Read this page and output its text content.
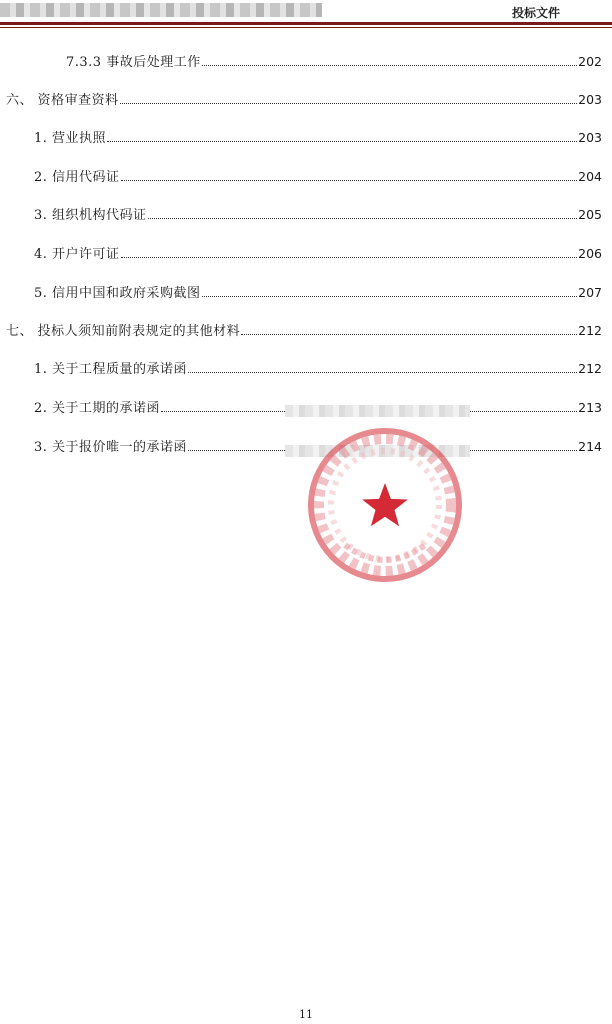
投标文件
7.3.3 事故后处理工作	202
六、 资格审查资料	203
1. 营业执照	203
2. 信用代码证	204
3. 组织机构代码证	205
4. 开户许可证	206
5. 信用中国和政府采购截图	207
七、 投标人须知前附表规定的其他材料	212
1. 关于工程质量的承诺函	212
2. 关于工期的承诺函	213
3. 关于报价唯一的承诺函	214
11
